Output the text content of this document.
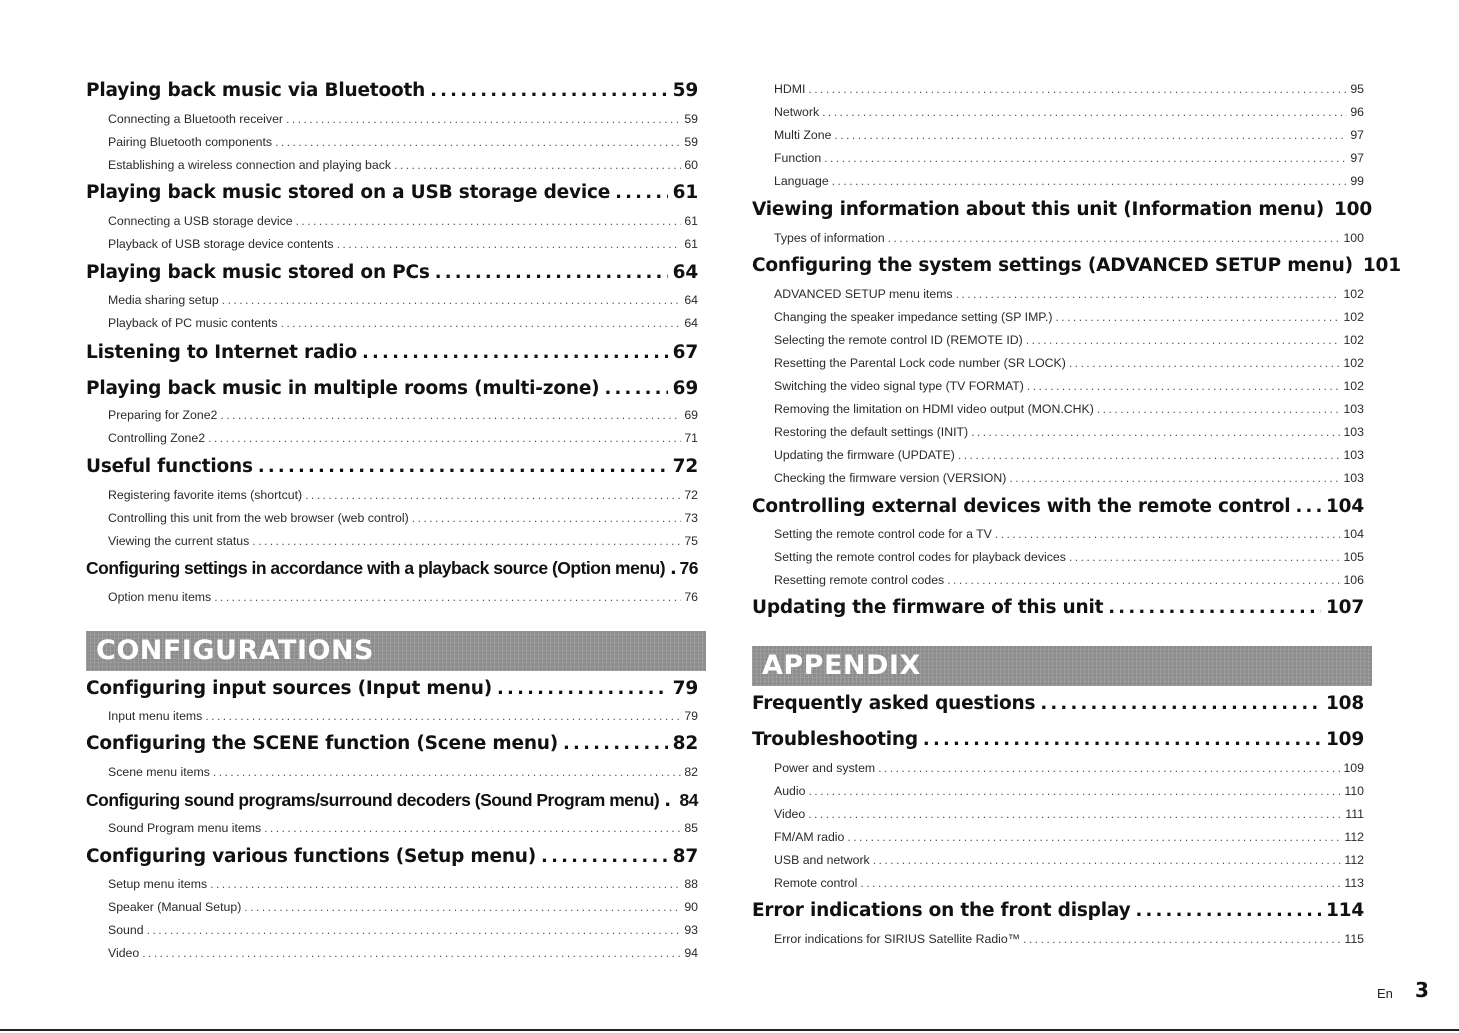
Playing back music via Bluetooth .....	59
Connecting a Bluetooth receiver .....	59
Pairing Bluetooth components .....	59
Establishing a wireless connection and playing back .....	60
Playing back music stored on a USB storage device .....	61
Connecting a USB storage device .....	61
Playback of USB storage device contents .....	61
Playing back music stored on PCs .....	64
Media sharing setup .....	64
Playback of PC music contents .....	64
Listening to Internet radio .....	67
Playing back music in multiple rooms (multi-zone) .....	69
Preparing for Zone2 .....	69
Controlling Zone2 .....	71
Useful functions .....	72
Registering favorite items (shortcut) .....	72
Controlling this unit from the web browser (web control) .....	73
Viewing the current status .....	75
Configuring settings in accordance with a playback source (Option menu) ..... 76
Option menu items .....	76
Configuring input sources (Input menu) .....	79
Input menu items .....	79
Configuring the SCENE function (Scene menu) .....	82
Scene menu items .....	82
Configuring sound programs/surround decoders (Sound Program menu) ..... 84
Sound Program menu items .....	85
Configuring various functions (Setup menu) .....	87
Setup menu items .....	88
Speaker (Manual Setup) .....	90
Sound .....	93
Video .....	94
HDMI .....	95
Network .....	96
Multi Zone .....	97
Function .....	97
Language .....	99
Viewing information about this unit (Information menu) 100
Types of information .....	100
Configuring the system settings (ADVANCED SETUP menu) 101
ADVANCED SETUP menu items .....	102
Changing the speaker impedance setting (SP IMP.) .....	102
Selecting the remote control ID (REMOTE ID) .....	102
Resetting the Parental Lock code number (SR LOCK) .....	102
Switching the video signal type (TV FORMAT) .....	102
Removing the limitation on HDMI video output (MON.CHK) .....	103
Restoring the default settings (INIT) .....	103
Updating the firmware (UPDATE) .....	103
Checking the firmware version (VERSION) .....	103
Controlling external devices with the remote control ..... 104
Setting the remote control code for a TV .....	104
Setting the remote control codes for playback devices .....	105
Resetting remote control codes .....	106
Updating the firmware of this unit .....	107
Frequently asked questions .....	108
Troubleshooting .....	109
Power and system .....	109
Audio .....	110
Video .....	111
FM/AM radio .....	112
USB and network .....	112
Remote control .....	113
Error indications on the front display .....	114
Error indications for SIRIUS Satellite Radio™ .....	115
CONFIGURATIONS	APPENDIX
En 3
